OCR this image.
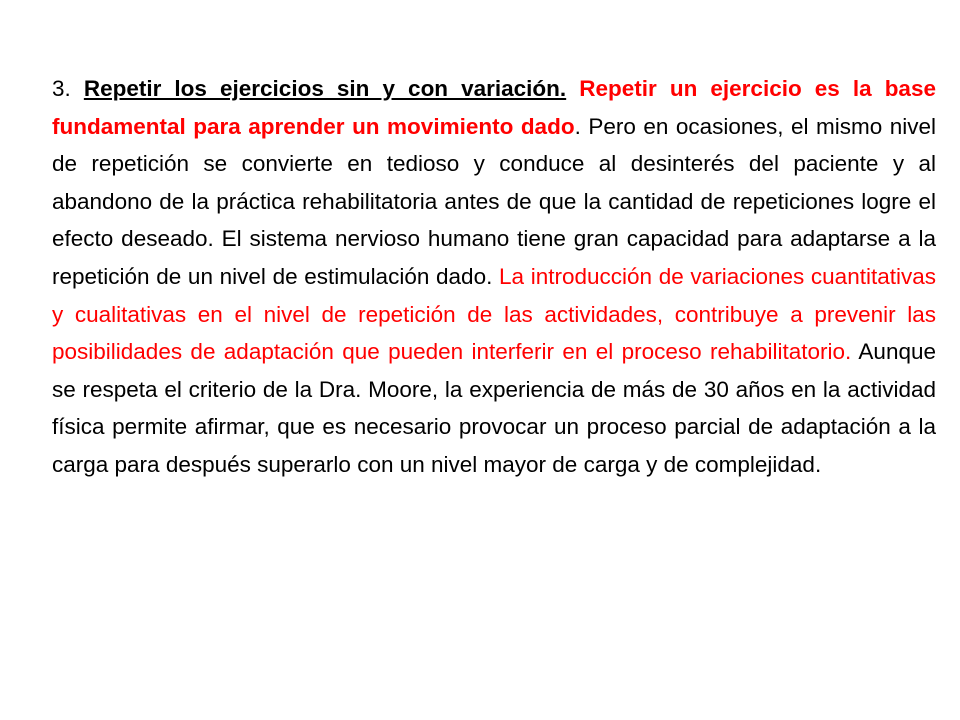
3. Repetir los ejercicios sin y con variación. Repetir un ejercicio es la base fundamental para aprender un movimiento dado. Pero en ocasiones, el mismo nivel de repetición se convierte en tedioso y conduce al desinterés del paciente y al abandono de la práctica rehabilitatoria antes de que la cantidad de repeticiones logre el efecto deseado. El sistema nervioso humano tiene gran capacidad para adaptarse a la repetición de un nivel de estimulación dado. La introducción de variaciones cuantitativas y cualitativas en el nivel de repetición de las actividades, contribuye a prevenir las posibilidades de adaptación que pueden interferir en el proceso rehabilitatorio. Aunque se respeta el criterio de la Dra. Moore, la experiencia de más de 30 años en la actividad física permite afirmar, que es necesario provocar un proceso parcial de adaptación a la carga para después superarlo con un nivel mayor de carga y de complejidad.
